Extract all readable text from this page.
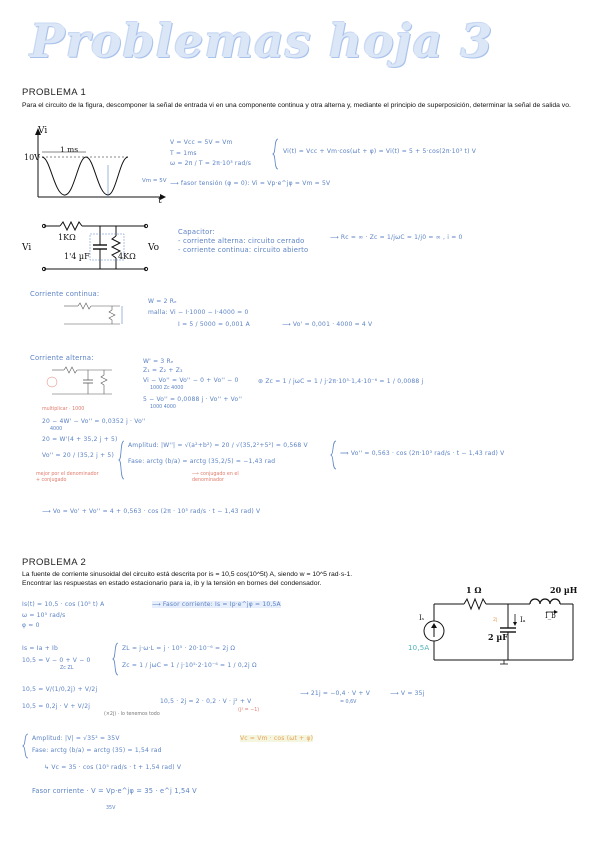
Problemas hoja 3
PROBLEMA 1
Para el circuito de la figura, descomponer la señal de entrada vi en una componente continua y otra alterna y, mediante el principio de superposición, determinar la señal de salida vo.
Vi
10V
1 ms
t
Vm = 5V
V = Vcc = 5V = Vm
T = 1ms
ω = 2π / T = 2π·10³ rad/s
Vi(t) = Vcc + Vm·cos(ωt + φ) = Vi(t) = 5 + 5·cos(2π·10³ t) V
⟶ fasor tensión (φ = 0): Vi = Vp·e^jφ = Vm = 5V
1KΩ
1'4 µF	4KΩ
Vi	Vo
Capacitor:
- corriente alterna: circuito cerrado
- corriente continua: circuito abierto
⟶ Rc = ∞ · Zc = 1/jωC = 1/j0 = ∞ , i = 0
Corriente continua:
W = 2 Rₑ
malla: Vi − I·1000 − I·4000 = 0
I = 5 / 5000 = 0,001 A	⟶ Vo' = 0,001 · 4000 = 4 V
Corriente alterna:	W' = 3 Rₑ
Z₁ = Z₂ + Z₃
Vi − Vo'' = Vo'' − 0 + Vo'' − 0
1000 Zc 4000
⊛ Zc = 1 / jωC = 1 / j·2π·10³·1,4·10⁻⁶ = 1 / 0,0088 j
5 − Vo'' = 0,0088 j · Vo'' + Vo''
1000 4000
multiplicar · 1000
20 − 4W' − Vo'' = 0,0352 j · Vo''
4000
20 = W'(4 + 35,2 j + 5)
Vo'' = 20 / (35,2 j + 5)
mejor por el denominador + conjugado
Amplitud: |W''| = √(a²+b²) = 20 / √(35,2²+5²) = 0,568 V
Fase: arctg (b/a) = arctg (35,2/5) = −1,43 rad
⟶ conjugado en el denominador
⟹ Vo'' = 0,563 · cos (2π·10³ rad/s · t − 1,43 rad) V
⟶ Vo = Vo' + Vo'' = 4 + 0,563 · cos (2π · 10³ rad/s · t − 1,43 rad) V
PROBLEMA 2
La fuente de corriente sinusoidal del circuito está descrita por is = 10,5 cos(10^5t) A, siendo w = 10^5 rad·s-1.
Encontrar las respuestas en estado estacionario para ia, ib y la tensión en bornes del condensador.
1 Ω	20 µH
2 µF
Iₛ	Iₐ	I_b
10,5A
2j
Is(t) = 10,5 · cos (10⁵ t) A	⟶ Fasor corriente: Is = Ip·e^jφ = 10,5A
ω = 10⁵ rad/s
φ = 0
Is = Ia + Ib
10,5 = V − 0 + V − 0
Zc ZL
ZL = j·ω·L = j · 10⁵ · 20·10⁻⁶ = 2j Ω
Zc = 1 / jωC = 1 / j·10⁵·2·10⁻⁶ = 1 / 0,2j Ω
10,5 = V/(1/0,2j) + V/2j
10,5 = 0,2j · V + V/2j
(×2j) · lo tenemos todo
10,5 · 2j = 2 · 0,2 · V · j² + V
(j² = −1)
⟶ 21j = −0,4 · V + V
= 0,6V
⟶ V = 35j
Amplitud: |V| = √35² = 35V
Fase: arctg (b/a) = arctg (35) = 1,54 rad
Vc = Vm · cos (ωt + φ)
↳ Vc = 35 · cos (10⁵ rad/s · t + 1,54 rad) V
Fasor corriente · V = Vp·e^jφ = 35 · e^j 1,54 V
35V
